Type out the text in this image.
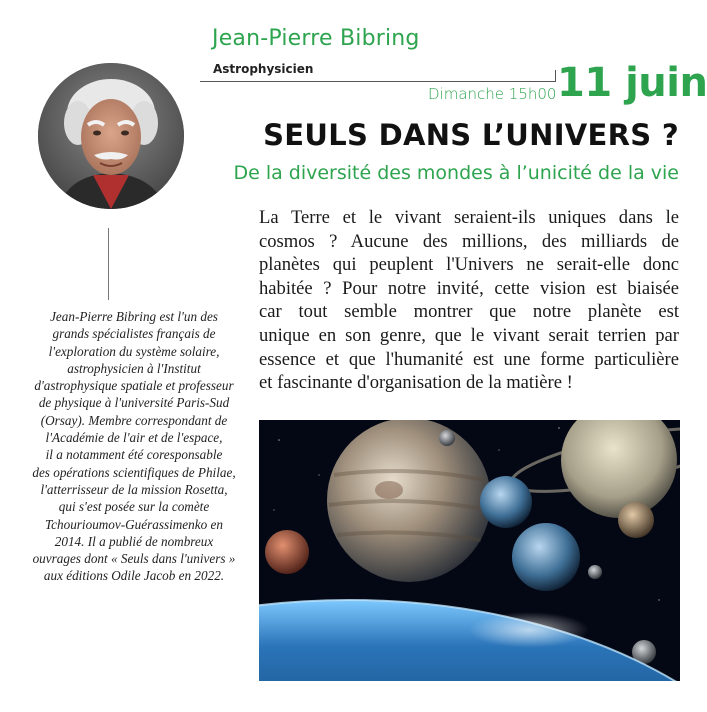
Jean-Pierre Bibring
Astrophysicien
Dimanche 15h00 11 juin
SEULS DANS L’UNIVERS ?
De la diversité des mondes à l’unicité de la vie
Jean-Pierre Bibring est l'un des
grands spécialistes français de
l'exploration du système solaire,
astrophysicien à l'Institut
d'astrophysique spatiale et professeur
de physique à l'université Paris-Sud
(Orsay). Membre correspondant de
l'Académie de l'air et de l'espace,
il a notamment été coresponsable
des opérations scientifiques de Philae,
l'atterrisseur de la mission Rosetta,
qui s'est posée sur la comète
Tchourioumov-Guérassimenko en
2014. Il a publié de nombreux
ouvrages dont « Seuls dans l'univers »
aux éditions Odile Jacob en 2022.
La Terre et le vivant seraient-ils uniques dans le
cosmos ? Aucune des millions, des milliards de
planètes qui peuplent l'Univers ne serait-elle donc
habitée ? Pour notre invité, cette vision est biaisée
car tout semble montrer que notre planète est
unique en son genre, que le vivant serait terrien par
essence et que l'humanité est une forme particulière
et fascinante d'organisation de la matière !
